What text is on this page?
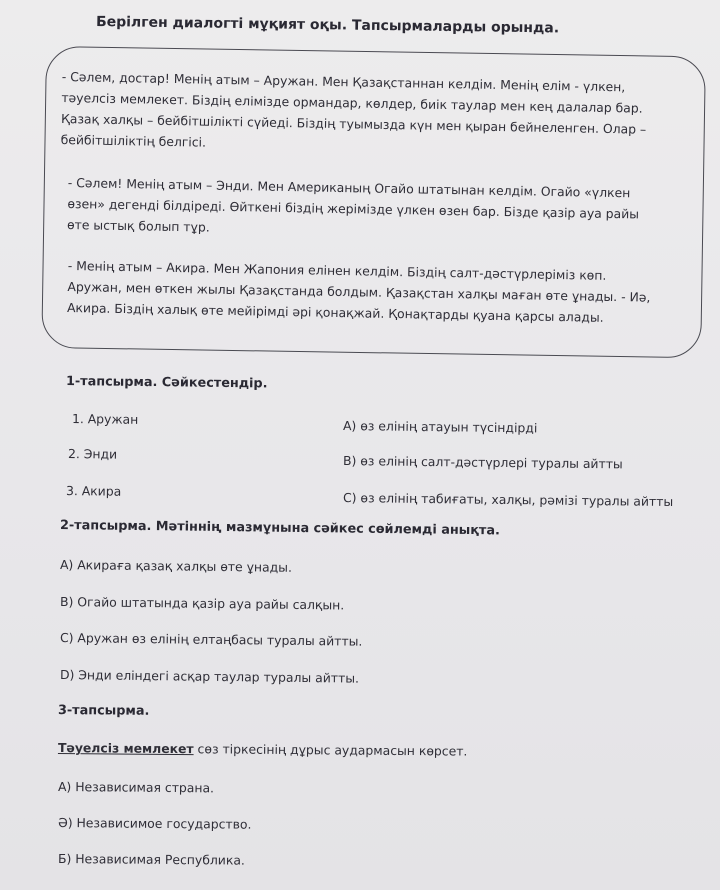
Берілген диалогті мұқият оқы. Тапсырмаларды орында.
- Сәлем, достар! Менің атым – Аружан. Мен Қазақстаннан келдім. Менің елім - үлкен,
тәуелсіз мемлекет. Біздің елімізде ормандар, көлдер, биік таулар мен кең далалар бар.
Қазақ халқы – бейбітшілікті сүйеді. Біздің туымызда күн мен қыран бейнеленген. Олар –
бейбітшіліктің белгісі.
- Сәлем! Менің атым – Энди. Мен Американың Огайо штатынан келдім. Огайо «үлкен
өзен» дегенді білдіреді. Өйткені біздің жерімізде үлкен өзен бар. Бізде қазір ауа райы
өте ыстық болып тұр.
- Менің атым – Акира. Мен Жапония елінен келдім. Біздің салт-дәстүрлеріміз көп.
Аружан, мен өткен жылы Қазақстанда болдым. Қазақстан халқы маған өте ұнады. - Иә,
Акира. Біздің халық өте мейірімді әрі қонақжай. Қонақтарды қуана қарсы алады.
1-тапсырма. Сәйкестендір.
1. Аружан
2. Энди
3. Акира
А) өз елінің атауын түсіндірді
В) өз елінің салт-дәстүрлері туралы айтты
С) өз елінің табиғаты, халқы, рәмізі туралы айтты
2-тапсырма. Мәтіннің мазмұнына сәйкес сөйлемді анықта.
А) Акираға қазақ халқы өте ұнады.
В) Огайо штатында қазір ауа райы салқын.
С) Аружан өз елінің елтаңбасы туралы айтты.
D) Энди еліндегі асқар таулар туралы айтты.
3-тапсырма.
Тәуелсіз мемлекет сөз тіркесінің дұрыс аудармасын көрсет.
А) Независимая страна.
Ә) Независимое государство.
Б) Независимая Республика.
